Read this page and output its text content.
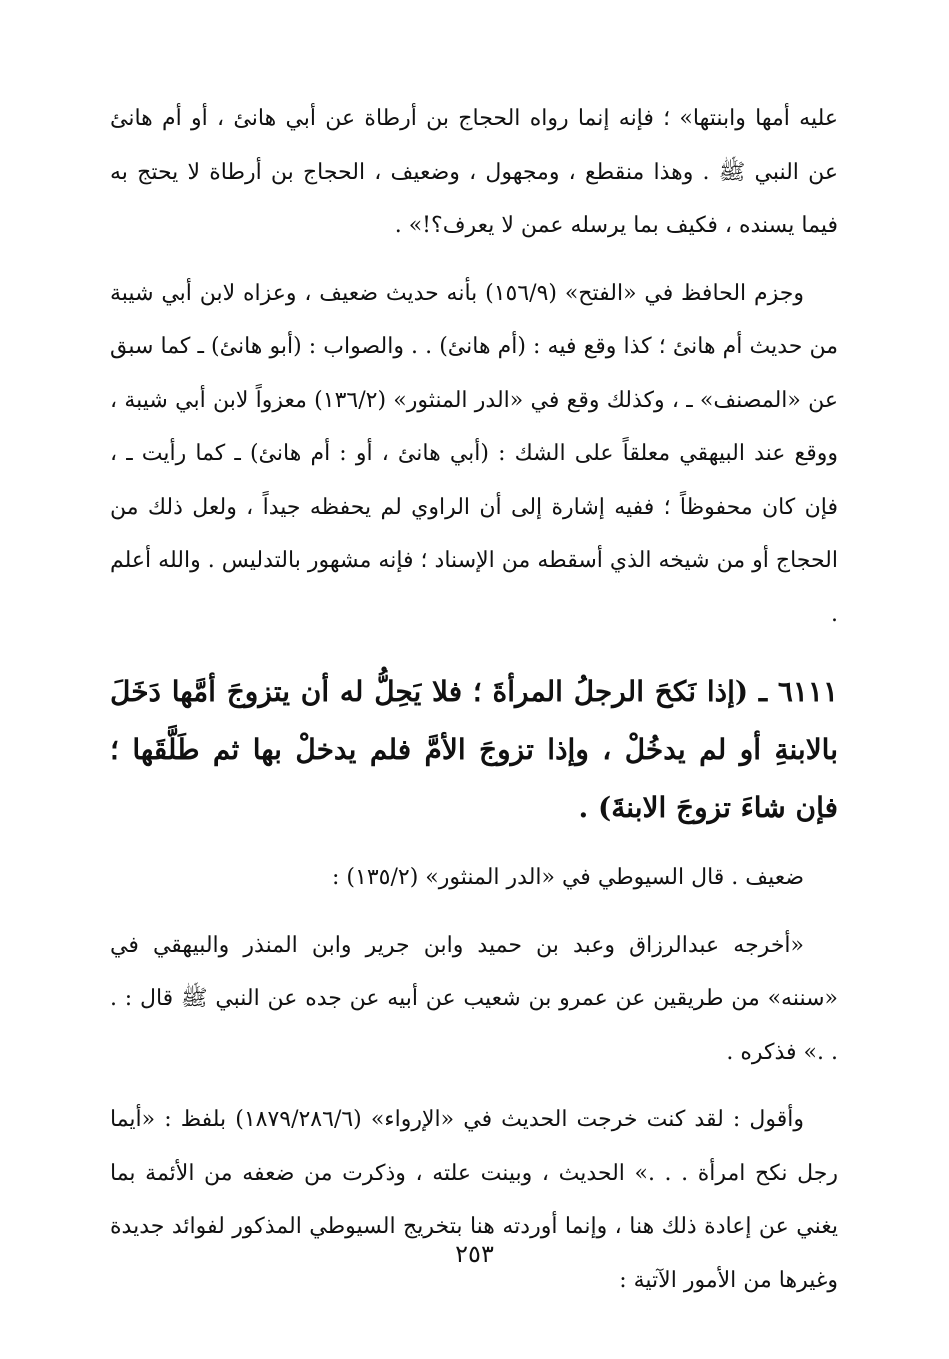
عليه أمها وابنتها» ؛ فإنه إنما رواه الحجاج بن أرطاة عن أبي هانئ ، أو أم هانئ عن النبي ﷺ . وهذا منقطع ، ومجهول ، وضعيف ، الحجاج بن أرطاة لا يحتج به فيما يسنده ، فكيف بما يرسله عمن لا يعرف؟!» .

وجزم الحافظ في «الفتح» (١٥٦/٩) بأنه حديث ضعيف ، وعزاه لابن أبي شيبة من حديث أم هانئ ؛ كذا وقع فيه : (أم هانئ) . . والصواب : (أبو هانئ) ـ كما سبق عن «المصنف» ـ ، وكذلك وقع في «الدر المنثور» (١٣٦/٢) معزواً لابن أبي شيبة ، ووقع عند البيهقي معلقاً على الشك : (أبي هانئ ، أو : أم هانئ) ـ كما رأيت ـ ، فإن كان محفوظاً ؛ ففيه إشارة إلى أن الراوي لم يحفظه جيداً ، ولعل ذلك من الحجاج أو من شيخه الذي أسقطه من الإسناد ؛ فإنه مشهور بالتدليس . والله أعلم .

٦١١١ ـ (إذا نَكحَ الرجلُ المرأةَ ؛ فلا يَحِلُّ له أن يتزوجَ أمَّها دَخَلَ بالابنةِ أو لم يدخُلْ ، وإذا تزوجَ الأمَّ فلم يدخلْ بها ثم طَلَّقَها ؛ فإن شاءَ تزوجَ الابنةَ) .

ضعيف . قال السيوطي في «الدر المنثور» (١٣٥/٢) :

«أخرجه عبدالرزاق وعبد بن حميد وابن جرير وابن المنذر والبيهقي في «سننه» من طريقين عن عمرو بن شعيب عن أبيه عن جده عن النبي ﷺ قال : . . .» فذكره .

وأقول : لقد كنت خرجت الحديث في «الإرواء» (١٨٧٩/٢٨٦/٦) بلفظ : «أيما رجل نكح امرأة . . .» الحديث ، وبينت علته ، وذكرت من ضعفه من الأئمة بما يغني عن إعادة ذلك هنا ، وإنما أوردته هنا بتخريج السيوطي المذكور لفوائد جديدة وغيرها من الأمور الآتية :

٢٥٣
